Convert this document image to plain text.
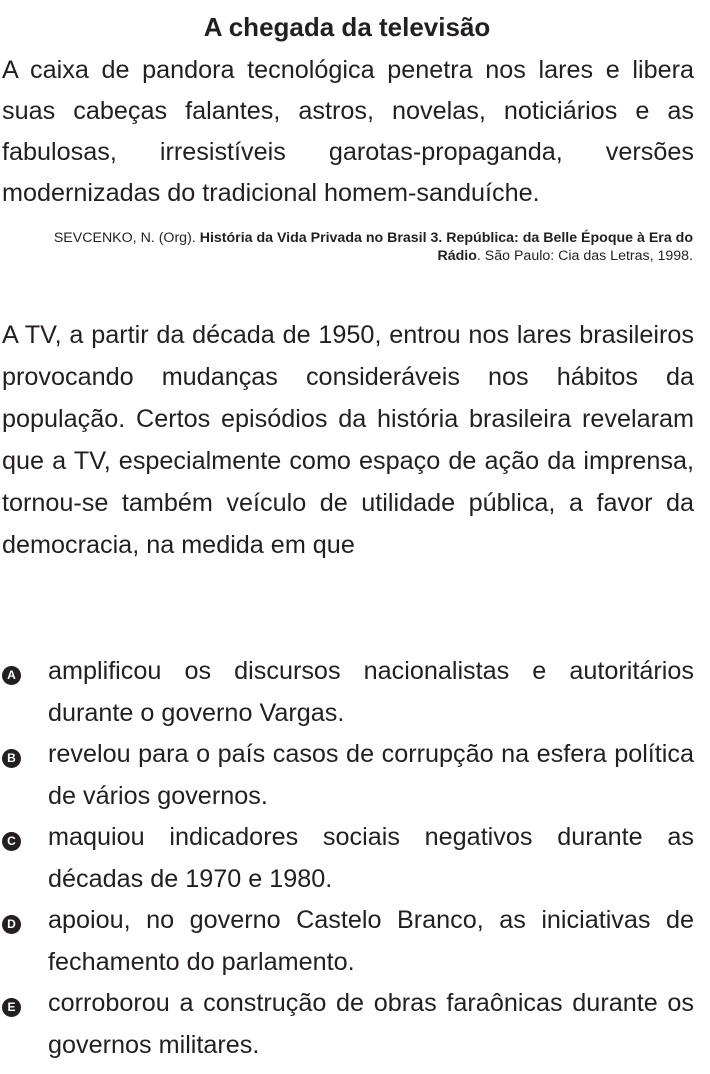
A chegada da televisão

A caixa de pandora tecnológica penetra nos lares e libera suas cabeças falantes, astros, novelas, noticiários e as fabulosas, irresistíveis garotas-propaganda, versões modernizadas do tradicional homem-sanduíche.

SEVCENKO, N. (Org). História da Vida Privada no Brasil 3. República: da Belle Époque à Era do Rádio. São Paulo: Cia das Letras, 1998.

A TV, a partir da década de 1950, entrou nos lares brasileiros provocando mudanças consideráveis nos hábitos da população. Certos episódios da história brasileira revelaram que a TV, especialmente como espaço de ação da imprensa, tornou-se também veículo de utilidade pública, a favor da democracia, na medida em que

A amplificou os discursos nacionalistas e autoritários durante o governo Vargas.

B revelou para o país casos de corrupção na esfera política de vários governos.

C maquiou indicadores sociais negativos durante as décadas de 1970 e 1980.

D apoiou, no governo Castelo Branco, as iniciativas de fechamento do parlamento.

E corroborou a construção de obras faraônicas durante os governos militares.
